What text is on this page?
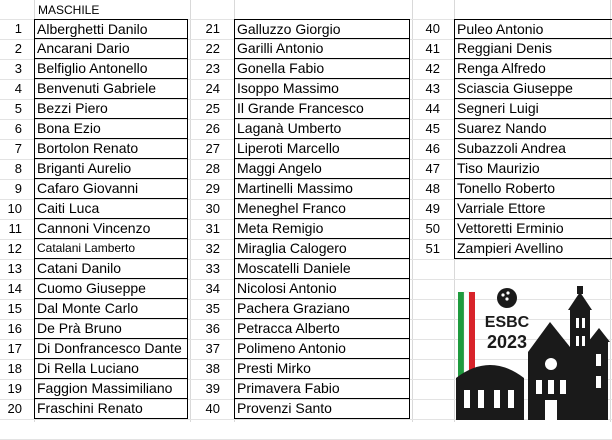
MASCHILE
1 Alberghetti Danilo
2 Ancarani Dario
3 Belfiglio Antonello
4 Benvenuti Gabriele
5 Bezzi Piero
6 Bona Ezio
7 Bortolon Renato
8 Briganti Aurelio
9 Cafaro Giovanni
10 Caiti Luca
11 Cannoni Vincenzo
12 Catalani Lamberto
13 Catani Danilo
14 Cuomo Giuseppe
15 Dal Monte Carlo
16 De Prà Bruno
17 Di Donfrancesco Dante
18 Di Rella Luciano
19 Faggion Massimiliano
20 Fraschini Renato
21 Galluzzo Giorgio
22 Garilli Antonio
23 Gonella Fabio
24 Isoppo Massimo
25 Il Grande Francesco
26 Laganà Umberto
27 Liperoti Marcello
28 Maggi Angelo
29 Martinelli Massimo
30 Meneghel Franco
31 Meta Remigio
32 Miraglia Calogero
33 Moscatelli Daniele
34 Nicolosi Antonio
35 Pachera Graziano
36 Petracca Alberto
37 Polimeno Antonio
38 Presti Mirko
39 Primavera Fabio
40 Provenzi Santo
40 Puleo Antonio
41 Reggiani Denis
42 Renga Alfredo
43 Sciascia Giuseppe
44 Segneri Luigi
45 Suarez Nando
46 Subazzoli Andrea
47 Tiso Maurizio
48 Tonello Roberto
49 Varriale Ettore
50 Vettoretti Erminio
51 Zampieri Avellino
ESBC
2023
